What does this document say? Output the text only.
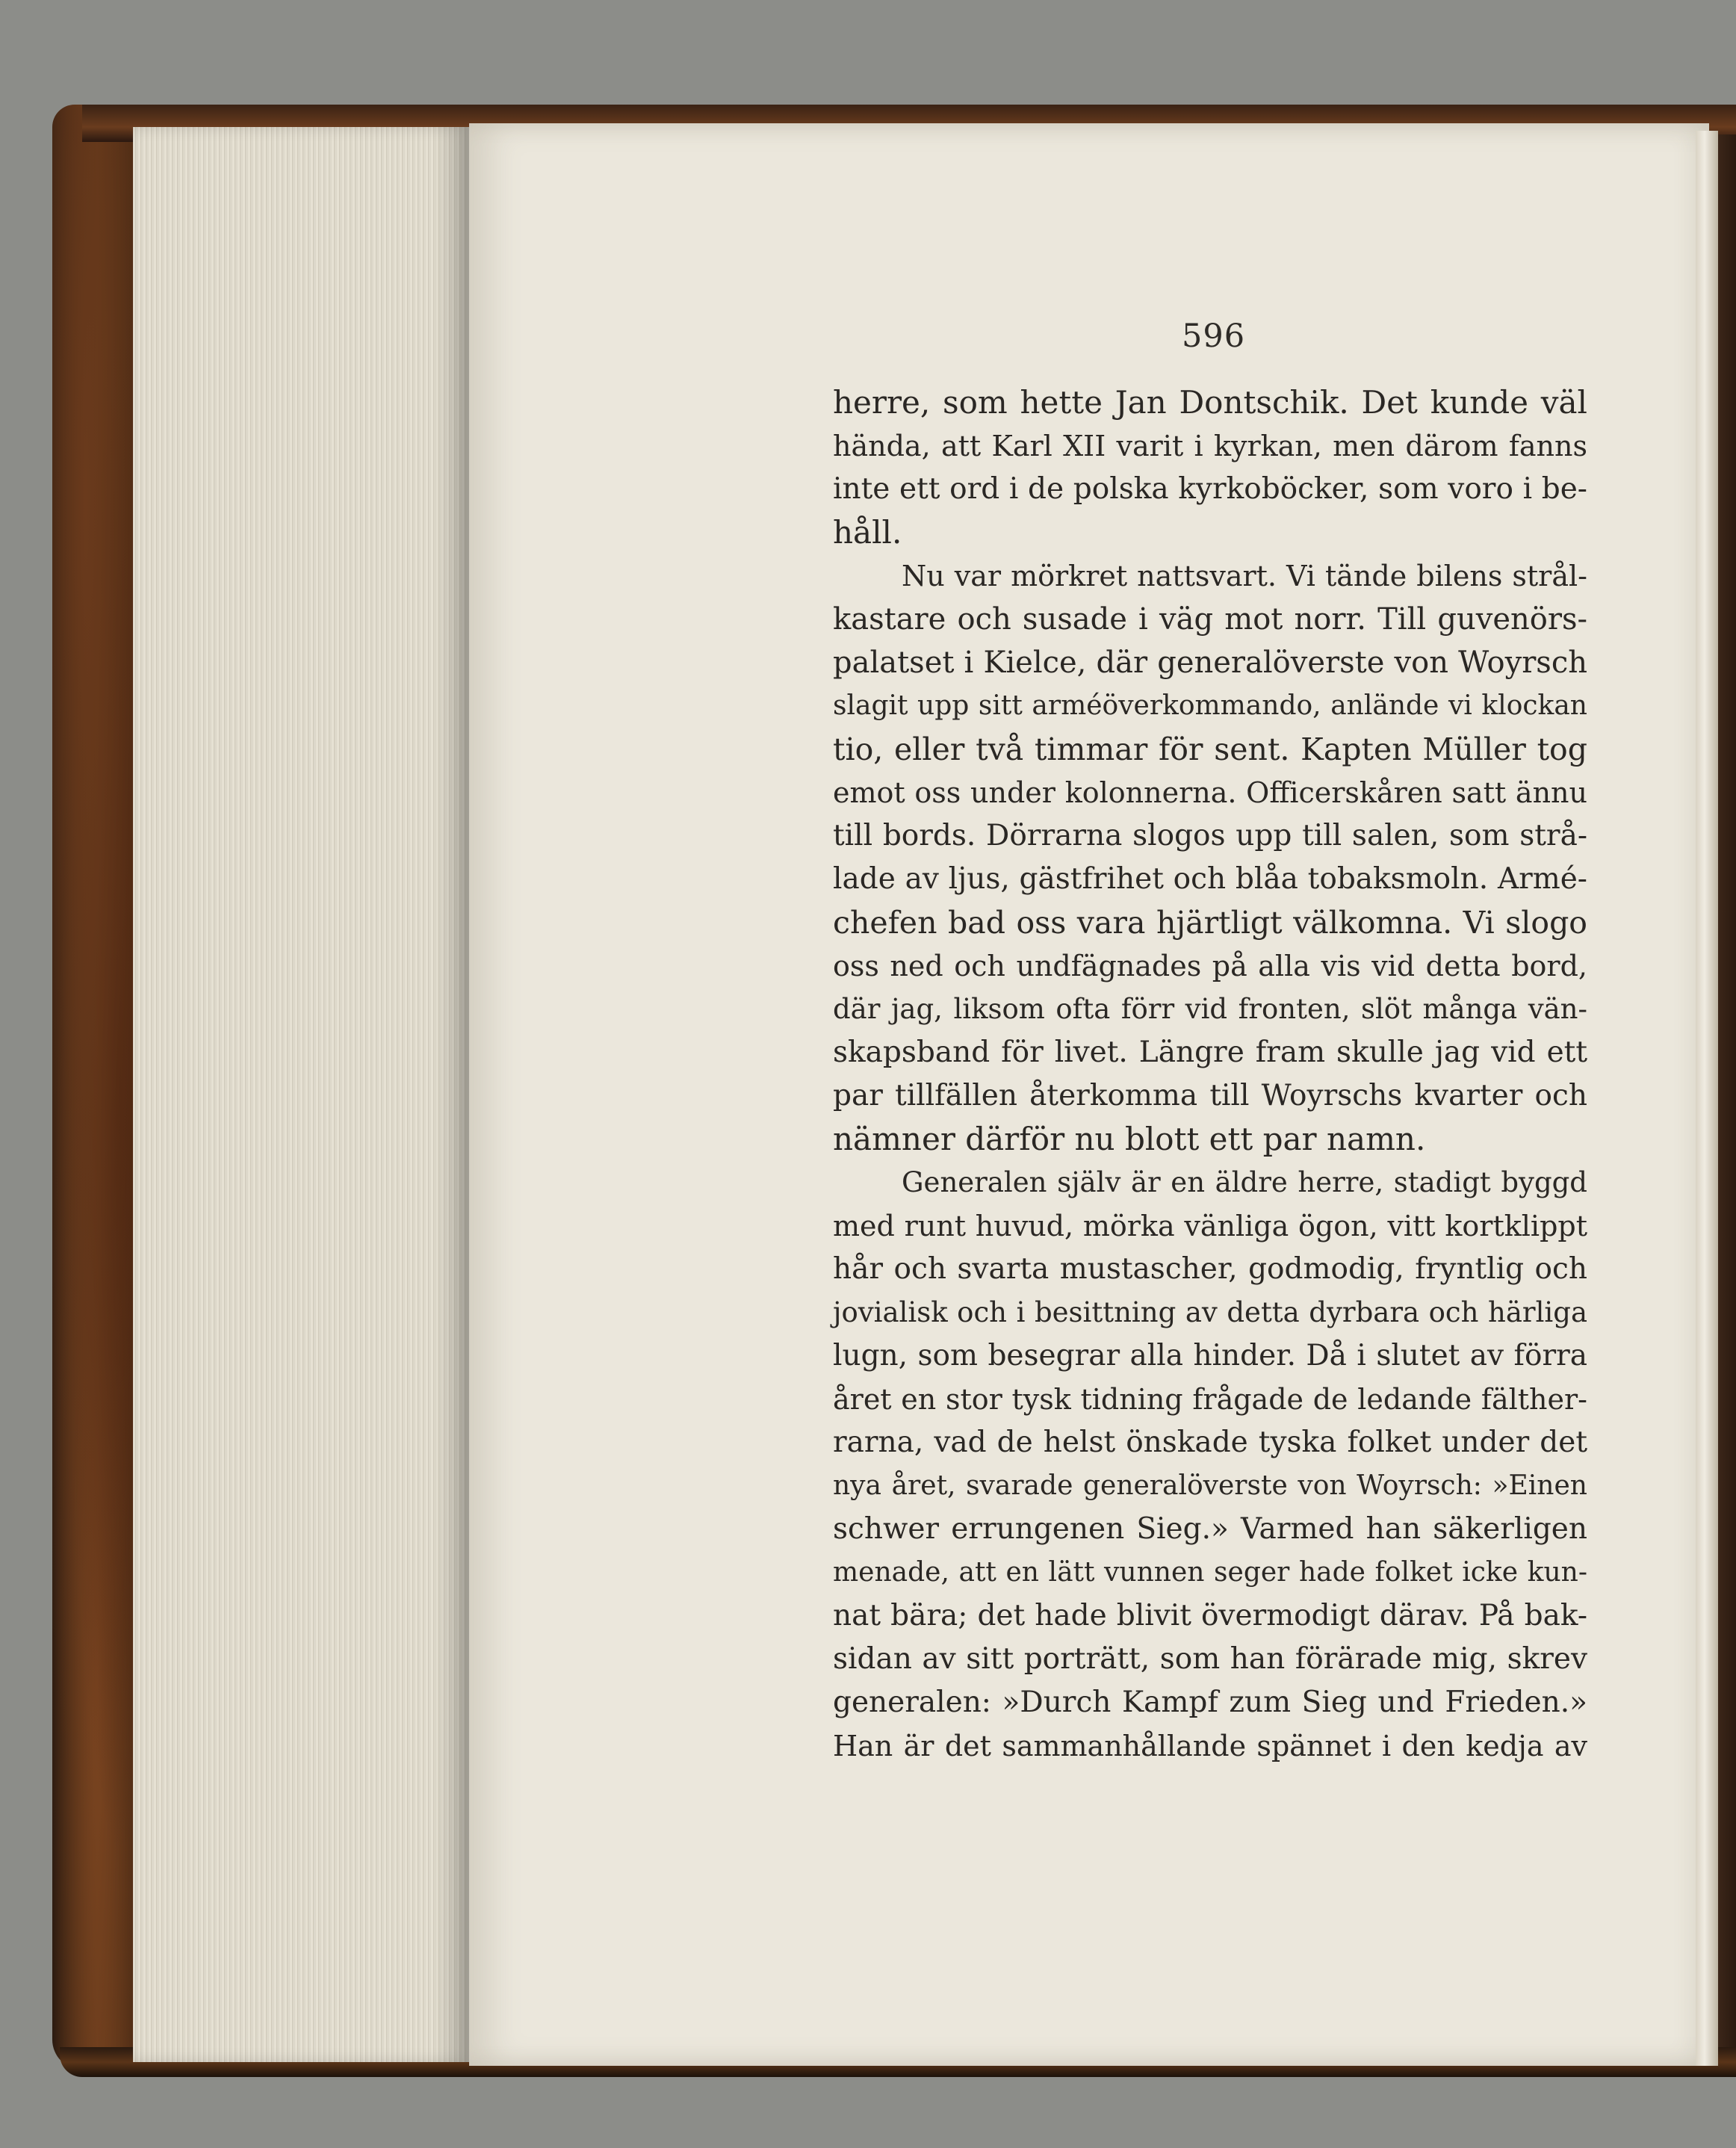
596
herre, som hette Jan Dontschik. Det kunde väl
hända, att Karl XII varit i kyrkan, men därom fanns
inte ett ord i de polska kyrkoböcker, som voro i be-
håll.
Nu var mörkret nattsvart. Vi tände bilens strål-
kastare och susade i väg mot norr. Till guvenörs-
palatset i Kielce, där generalöverste von Woyrsch
slagit upp sitt arméöverkommando, anlände vi klockan
tio, eller två timmar för sent. Kapten Müller tog
emot oss under kolonnerna. Officerskåren satt ännu
till bords. Dörrarna slogos upp till salen, som strå-
lade av ljus, gästfrihet och blåa tobaksmoln. Armé-
chefen bad oss vara hjärtligt välkomna. Vi slogo
oss ned och undfägnades på alla vis vid detta bord,
där jag, liksom ofta förr vid fronten, slöt många vän-
skapsband för livet. Längre fram skulle jag vid ett
par tillfällen återkomma till Woyrschs kvarter och
nämner därför nu blott ett par namn.
Generalen själv är en äldre herre, stadigt byggd
med runt huvud, mörka vänliga ögon, vitt kortklippt
hår och svarta mustascher, godmodig, fryntlig och
jovialisk och i besittning av detta dyrbara och härliga
lugn, som besegrar alla hinder. Då i slutet av förra
året en stor tysk tidning frågade de ledande fälther-
rarna, vad de helst önskade tyska folket under det
nya året, svarade generalöverste von Woyrsch: »Einen
schwer errungenen Sieg.» Varmed han säkerligen
menade, att en lätt vunnen seger hade folket icke kun-
nat bära; det hade blivit övermodigt därav. På bak-
sidan av sitt porträtt, som han förärade mig, skrev
generalen: »Durch Kampf zum Sieg und Frieden.»
Han är det sammanhållande spännet i den kedja av
